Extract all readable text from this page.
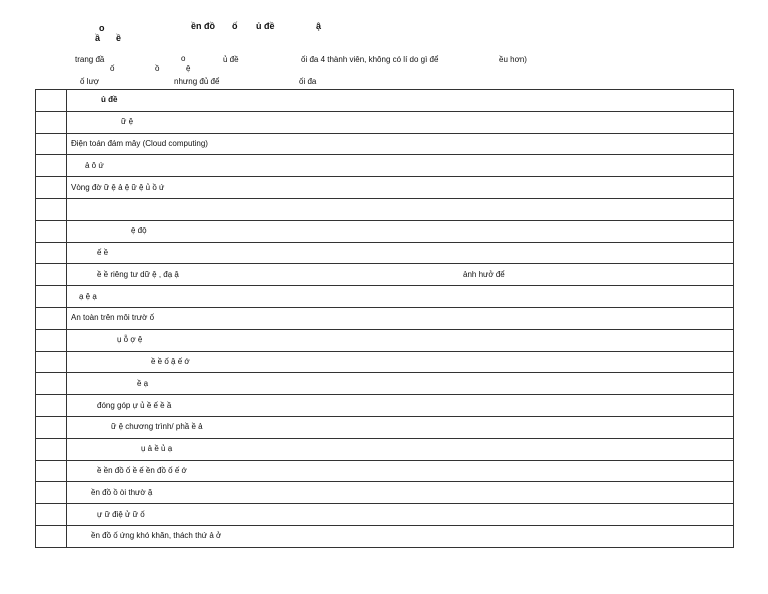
o	ền đồ ố ủ đề	ậ
ầ ề
trang đầ	o	ủ đề	ối đa 4 thành viên, không có lí do gì để	ều hơn)
ố	ồ	ệ
ố lượ	nhưng đủ để	ối đa
	ủ đề

	ữ ệ

	Điện toán đám mây (Cloud computing)

	ả ô ứ

	Vòng đờ ữ ệ ả ệ ữ ệ ủ ồ ứ

	ệ độ

	ế ề

	ề ề riêng tư dữ ệ , đạ ậ ảnh hưở để

	ạ ệ ạ

	An toàn trên môi trườ ố

	ụ ỗ ợ ệ

	ề ề ố ậ ế ớ

	ề ạ

	đóng góp ự ủ ề ế ề ầ

	ữ ệ chương trình/ phầ ề ả

	ụ ả ề ủ ạ

	ề ền đồ ố ề ế ền đồ ố ế ớ

	ền đồ ồ òi thườ ặ

	ự ữ điệ ử ữ ố

	ền đồ ố ứng khó khăn, thách thứ ả ở
